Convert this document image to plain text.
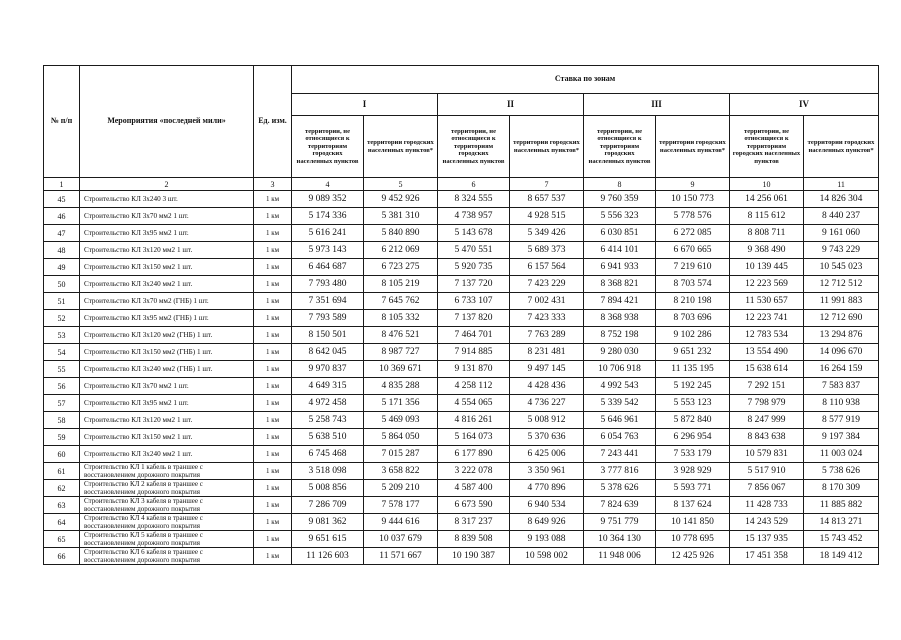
№ п/п	Мероприятия «последней мили»	Ед. изм.	Ставка по зонам							
			I		II		III		IV	
			территории, не относящиеся к территориям городских населенных пунктов	территории городских населенных пунктов*	территории, не относящиеся к территориям городских населенных пунктов	территории городских населенных пунктов*	территории, не относящиеся к территориям городских населенных пунктов	территории городских населенных пунктов*	территории, не относящиеся к территориям городских населенных пунктов	территории городских населенных пунктов*
1	2	3	4	5	6	7	8	9	10	11
45	Строительство КЛ 3х240 3 шт.	1 км	9 089 352	9 452 926	8 324 555	8 657 537	9 760 359	10 150 773	14 256 061	14 826 304
46	Строительство КЛ 3х70 мм2 1 шт.	1 км	5 174 336	5 381 310	4 738 957	4 928 515	5 556 323	5 778 576	8 115 612	8 440 237
47	Строительство КЛ 3х95 мм2 1 шт.	1 км	5 616 241	5 840 890	5 143 678	5 349 426	6 030 851	6 272 085	8 808 711	9 161 060
48	Строительство КЛ 3х120 мм2 1 шт.	1 км	5 973 143	6 212 069	5 470 551	5 689 373	6 414 101	6 670 665	9 368 490	9 743 229
49	Строительство КЛ 3х150 мм2 1 шт.	1 км	6 464 687	6 723 275	5 920 735	6 157 564	6 941 933	7 219 610	10 139 445	10 545 023
50	Строительство КЛ 3х240 мм2 1 шт.	1 км	7 793 480	8 105 219	7 137 720	7 423 229	8 368 821	8 703 574	12 223 569	12 712 512
51	Строительство КЛ 3х70 мм2 (ГНБ) 1 шт.	1 км	7 351 694	7 645 762	6 733 107	7 002 431	7 894 421	8 210 198	11 530 657	11 991 883
52	Строительство КЛ 3х95 мм2 (ГНБ) 1 шт.	1 км	7 793 589	8 105 332	7 137 820	7 423 333	8 368 938	8 703 696	12 223 741	12 712 690
53	Строительство КЛ 3х120 мм2 (ГНБ) 1 шт.	1 км	8 150 501	8 476 521	7 464 701	7 763 289	8 752 198	9 102 286	12 783 534	13 294 876
54	Строительство КЛ 3х150 мм2 (ГНБ) 1 шт.	1 км	8 642 045	8 987 727	7 914 885	8 231 481	9 280 030	9 651 232	13 554 490	14 096 670
55	Строительство КЛ 3х240 мм2 (ГНБ) 1 шт.	1 км	9 970 837	10 369 671	9 131 870	9 497 145	10 706 918	11 135 195	15 638 614	16 264 159
56	Строительство КЛ 3х70 мм2 1 шт.	1 км	4 649 315	4 835 288	4 258 112	4 428 436	4 992 543	5 192 245	7 292 151	7 583 837
57	Строительство КЛ 3х95 мм2 1 шт.	1 км	4 972 458	5 171 356	4 554 065	4 736 227	5 339 542	5 553 123	7 798 979	8 110 938
58	Строительство КЛ 3х120 мм2 1 шт.	1 км	5 258 743	5 469 093	4 816 261	5 008 912	5 646 961	5 872 840	8 247 999	8 577 919
59	Строительство КЛ 3х150 мм2 1 шт.	1 км	5 638 510	5 864 050	5 164 073	5 370 636	6 054 763	6 296 954	8 843 638	9 197 384
60	Строительство КЛ 3х240 мм2 1 шт.	1 км	6 745 468	7 015 287	6 177 890	6 425 006	7 243 441	7 533 179	10 579 831	11 003 024
61	Строительство КЛ 1 кабель в траншее с восстановлением дорожного покрытия	1 км	3 518 098	3 658 822	3 222 078	3 350 961	3 777 816	3 928 929	5 517 910	5 738 626
62	Строительство КЛ 2 кабеля в траншее с восстановлением дорожного покрытия	1 км	5 008 856	5 209 210	4 587 400	4 770 896	5 378 626	5 593 771	7 856 067	8 170 309
63	Строительство КЛ 3 кабеля в траншее с восстановлением дорожного покрытия	1 км	7 286 709	7 578 177	6 673 590	6 940 534	7 824 639	8 137 624	11 428 733	11 885 882
64	Строительство КЛ 4 кабеля в траншее с восстановлением дорожного покрытия	1 км	9 081 362	9 444 616	8 317 237	8 649 926	9 751 779	10 141 850	14 243 529	14 813 271
65	Строительство КЛ 5 кабеля в траншее с восстановлением дорожного покрытия	1 км	9 651 615	10 037 679	8 839 508	9 193 088	10 364 130	10 778 695	15 137 935	15 743 452
66	Строительство КЛ 6 кабеля в траншее с восстановлением дорожного покрытия	1 км	11 126 603	11 571 667	10 190 387	10 598 002	11 948 006	12 425 926	17 451 358	18 149 412
